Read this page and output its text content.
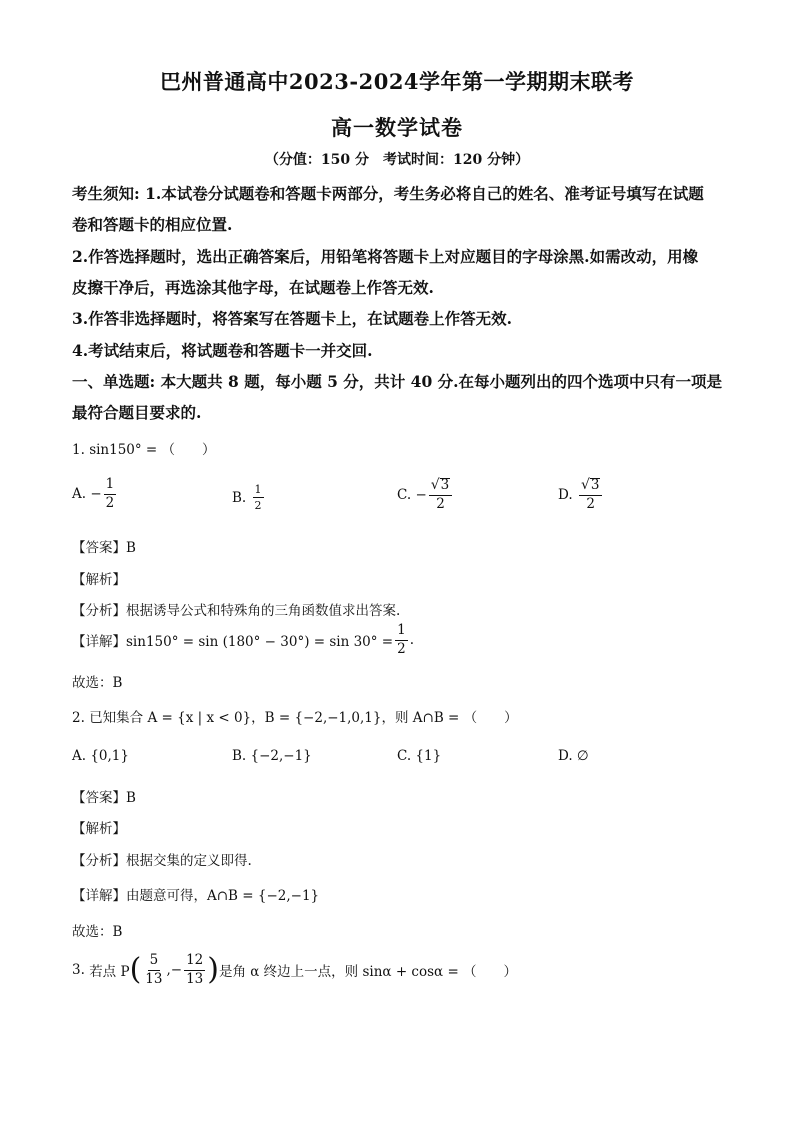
巴州普通高中2023-2024学年第一学期期末联考
高一数学试卷
（分值：150 分　考试时间：120 分钟）
考生须知: 1.本试卷分试题卷和答题卡两部分，考生务必将自己的姓名、准考证号填写在试题
卷和答题卡的相应位置.
2.作答选择题时，选出正确答案后，用铅笔将答题卡上对应题目的字母涂黑.如需改动，用橡
皮擦干净后，再选涂其他字母，在试题卷上作答无效.
3.作答非选择题时，将答案写在答题卡上，在试题卷上作答无效.
4.考试结束后，将试题卷和答题卡一并交回.
一、单选题: 本大题共 8 题，每小题 5 分，共计 40 分.在每小题列出的四个选项中只有一项是
最符合题目要求的.
1. sin150° = （　　）
A.
− $\frac{1}{2}$	B.
$\frac{1}{2}$	C.
− $\frac{√ 3}{2}$	D.
$\frac{√ 3}{2}$
【答案】B
【解析】
【分析】根据诱导公式和特殊角的三角函数值求出答案.
【详解】$\sin 150^\circ = \sin (180^\circ - 30^\circ) = \sin 30^\circ = \frac{1}{2}$ .
故选：B
2. 已知集合 A = {x | x < 0}，B = {−2,−1,0,1}，则 A∩B = （　　）
A. {0,1}	B. {−2,−1}	C. {1}	D. ∅
【答案】B
【解析】
【分析】根据交集的定义即得.
【详解】由题意可得，A∩B = {−2,−1}
故选：B
3.
若点 P ( $\frac{5}{13}$ ,− $\frac{12}{13}$ ) 是角 α 终边上一点，则 sinα + cosα = （　　）
